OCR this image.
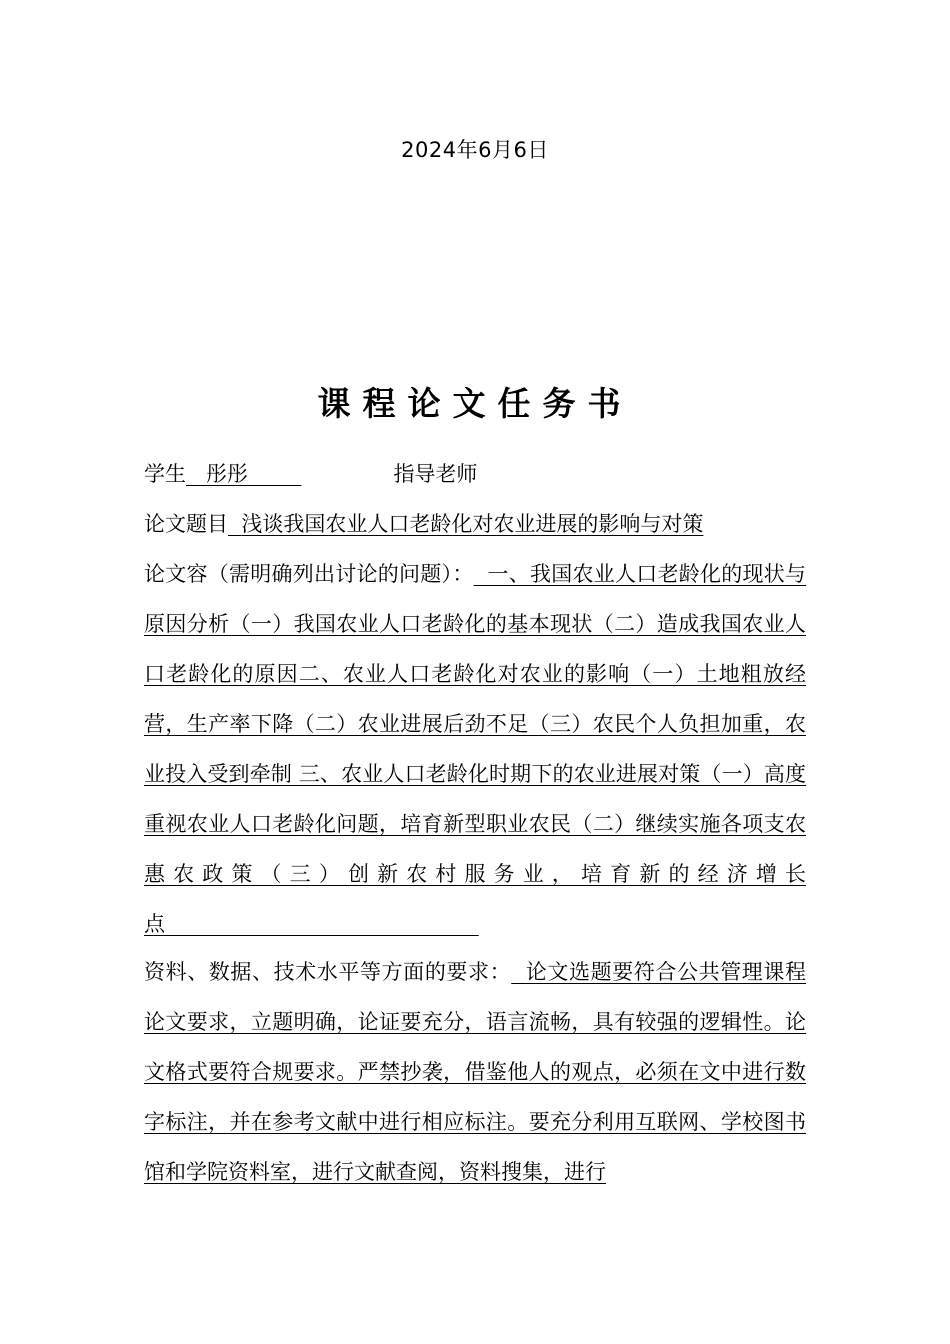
2024年6月6日
课程论文任务书
学生 彤彤	指导老师
论文题目 浅谈我国农业人口老龄化对农业进展的影响与对策
论文容（需明确列出讨论的问题）： 一、我国农业人口老龄化的现状与原因分析（一）我国农业人口老龄化的基本现状（二）造成我国农业人口老龄化的原因二、农业人口老龄化对农业的影响（一）土地粗放经营，生产率下降（二）农业进展后劲不足（三）农民个人负担加重，农业投入受到牵制 三、农业人口老龄化时期下的农业进展对策（一）高度重视农业人口老龄化问题，培育新型职业农民（二）继续实施各项支农惠农政策（三）创新农村服务业，培育新的经济增长点
资料、数据、技术水平等方面的要求： 论文选题要符合公共管理课程论文要求，立题明确，论证要充分，语言流畅，具有较强的逻辑性。论文格式要符合规要求。严禁抄袭，借鉴他人的观点，必须在文中进行数字标注，并在参考文献中进行相应标注。要充分利用互联网、学校图书馆和学院资料室，进行文献查阅，资料搜集，进行
